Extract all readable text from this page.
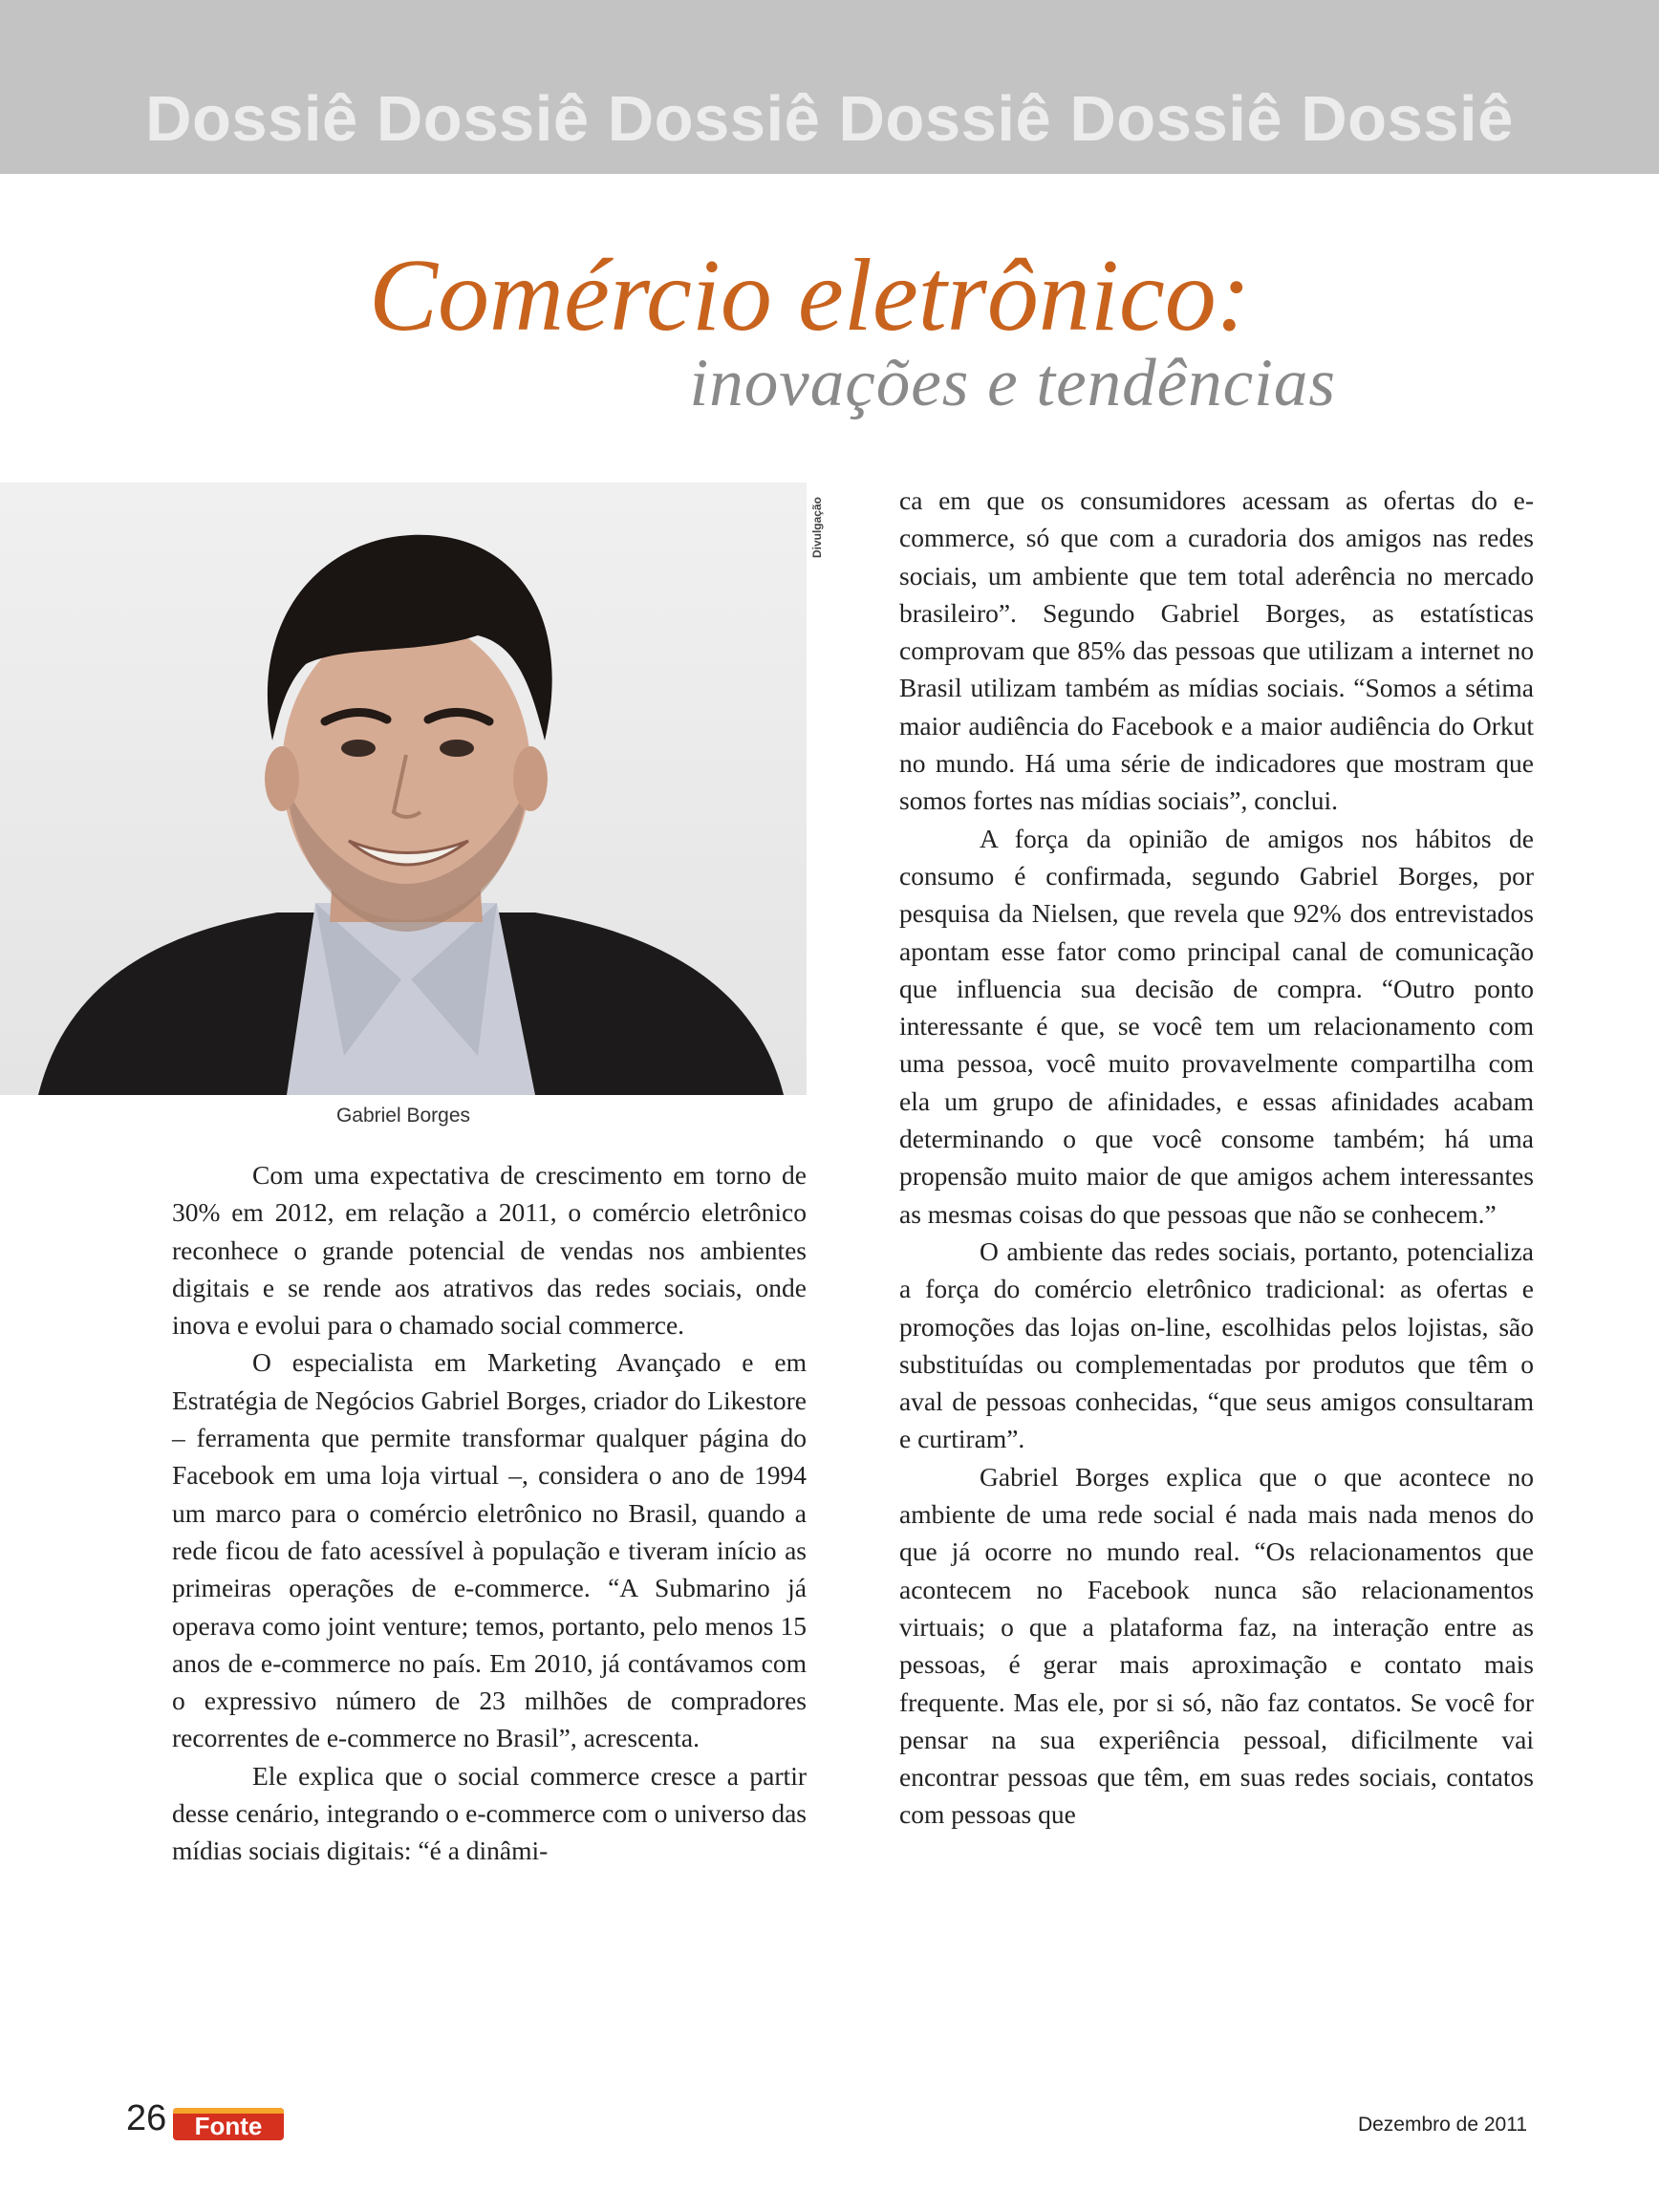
Dossiê Dossiê Dossiê Dossiê Dossiê Dossiê
Comércio eletrônico:
inovações e tendências
Divulgação
Gabriel Borges

Com uma expectativa de crescimento em torno de 30% em 2012, em relação a 2011, o comércio eletrônico reconhece o grande potencial de vendas nos ambientes digitais e se rende aos atrativos das redes sociais, onde inova e evolui para o chamado social commerce.

O especialista em Marketing Avançado e em Estratégia de Negócios Gabriel Borges, criador do Likestore – ferramenta que permite transformar qualquer página do Facebook em uma loja virtual –, considera o ano de 1994 um marco para o comércio eletrônico no Brasil, quando a rede ficou de fato acessível à população e tiveram início as primeiras operações de e-commerce. “A Submarino já operava como joint venture; temos, portanto, pelo menos 15 anos de e-commerce no país. Em 2010, já contávamos com o expressivo número de 23 milhões de compradores recorrentes de e-commerce no Brasil”, acrescenta.

Ele explica que o social commerce cresce a partir desse cenário, integrando o e-commerce com o universo das mídias sociais digitais: “é a dinâmi-

ca em que os consumidores acessam as ofertas do e-commerce, só que com a curadoria dos amigos nas redes sociais, um ambiente que tem total aderência no mercado brasileiro”. Segundo Gabriel Borges, as estatísticas comprovam que 85% das pessoas que utilizam a internet no Brasil utilizam também as mídias sociais. “Somos a sétima maior audiência do Facebook e a maior audiência do Orkut no mundo. Há uma série de indicadores que mostram que somos fortes nas mídias sociais”, conclui.

A força da opinião de amigos nos hábitos de consumo é confirmada, segundo Gabriel Borges, por pesquisa da Nielsen, que revela que 92% dos entrevistados apontam esse fator como principal canal de comunicação que influencia sua decisão de compra. “Outro ponto interessante é que, se você tem um relacionamento com uma pessoa, você muito provavelmente compartilha com ela um grupo de afinidades, e essas afinidades acabam determinando o que você consome também; há uma propensão muito maior de que amigos achem interessantes as mesmas coisas do que pessoas que não se conhecem.”

O ambiente das redes sociais, portanto, potencializa a força do comércio eletrônico tradicional: as ofertas e promoções das lojas on-line, escolhidas pelos lojistas, são substituídas ou complementadas por produtos que têm o aval de pessoas conhecidas, “que seus amigos consultaram e curtiram”.

Gabriel Borges explica que o que acontece no ambiente de uma rede social é nada mais nada menos do que já ocorre no mundo real. “Os relacionamentos que acontecem no Facebook nunca são relacionamentos virtuais; o que a plataforma faz, na interação entre as pessoas, é gerar mais aproximação e contato mais frequente. Mas ele, por si só, não faz contatos. Se você for pensar na sua experiência pessoal, dificilmente vai encontrar pessoas que têm, em suas redes sociais, contatos com pessoas que

26	Fonte	Dezembro de 2011
